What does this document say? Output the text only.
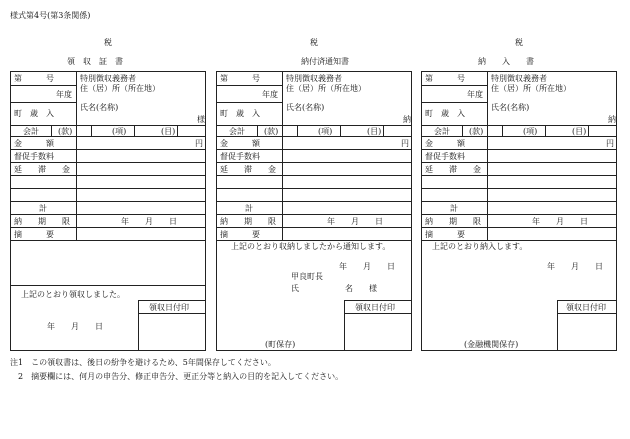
様式第4号(第3条関係)
税
領　収　証　書
第　　　号
年度
町　歳　入
特別徴収義務者
住（居）所（所在地）
氏名(名称)
様
会計 (款)	(項)	(目)
金　　　額	円
督促手数料
延　　滞　　金
計
納　　期　　限	年　　月　　日
摘　　　要
上記のとおり領収しました。
領収日付印
年　　月　　日
税
納付済通知書
第　　　号
年度
町　歳　入
特別徴収義務者
住（居）所（所在地）
氏名(名称)
納
会計 (款)	(項)	(目)
金　　　額	円
督促手数料
延　　滞　　金
計
納　　期　　限	年　　月　　日
摘　　　要
上記のとおり収納しましたから通知します。
年　　月　　日
甲良町長
氏	名　　様
領収日付印
(町保存)
税
納　　入　　書
第　　　号
年度
町　歳　入
特別徴収義務者
住（居）所（所在地）
氏名(名称)
納
会計 (款)	(項)	(目)
金　　　額	円
督促手数料
延　　滞　　金
計
納　　期　　限	年　　月　　日
摘　　　要
上記のとおり納入します。
年　　月　　日
領収日付印
(金融機関保存)
注1　この領収書は、後日の紛争を避けるため、5年間保存してください。
　2　摘要欄には、何月の申告分、修正申告分、更正分等と納入の目的を記入してください。
